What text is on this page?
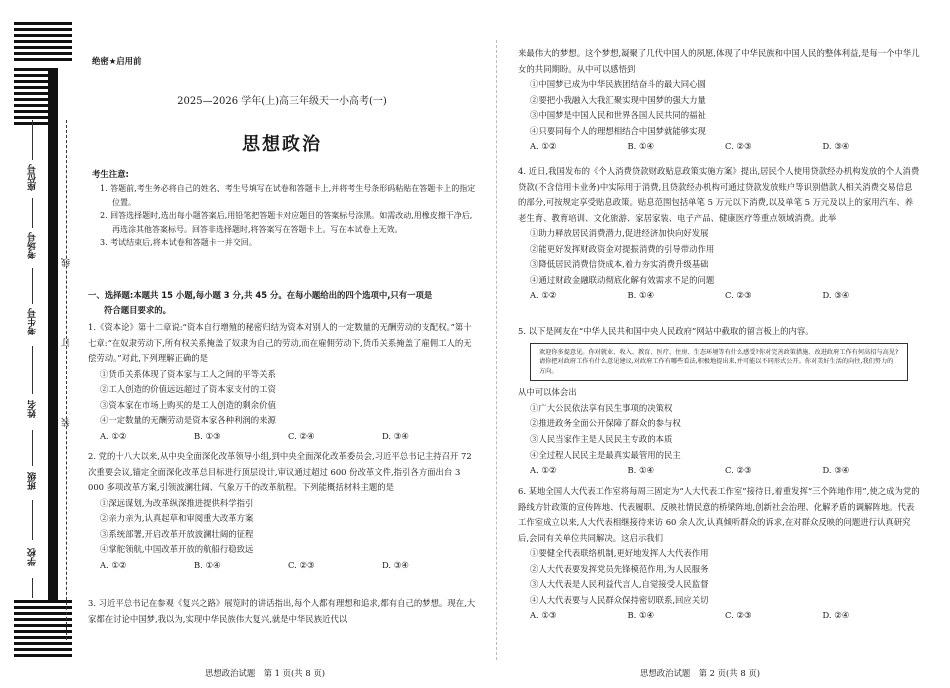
座位号
考场号
考生号
姓名
班级
学校
线
订
装
绝密★启用前
2025—2026 学年(上)高三年级天一小高考(一)
思想政治
考生注意:

1. 答题前,考生务必将自己的姓名、考生号填写在试卷和答题卡上,并将考生号条形码粘贴在答题卡上的指定位置。

2. 回答选择题时,选出每小题答案后,用铅笔把答题卡对应题目的答案标号涂黑。如需改动,用橡皮擦干净后,再选涂其他答案标号。回答非选择题时,将答案写在答题卡上。写在本试卷上无效。

3. 考试结束后,将本试卷和答题卡一并交回。

一、选择题:本题共 15 小题,每小题 3 分,共 45 分。在每小题给出的四个选项中,只有一项是

符合题目要求的。

1.《资本论》第十二章说:“资本自行增殖的秘密归结为资本对别人的一定数量的无酬劳动的支配权。”第十七章:“在奴隶劳动下,所有权关系掩盖了奴隶为自己的劳动,而在雇佣劳动下,货币关系掩盖了雇佣工人的无偿劳动。”对此,下列理解正确的是

①货币关系体现了资本家与工人之间的平等关系

②工人创造的价值远远超过了资本家支付的工资

③资本家在市场上购买的是工人创造的剩余价值

④一定数量的无酬劳动是资本家各种利润的来源

A. ①②	B. ①③	C. ②④	D. ③④

2. 党的十八大以来,从中央全面深化改革领导小组,到中央全面深化改革委员会,习近平总书记主持召开 72 次重要会议,锚定全面深化改革总目标进行顶层设计,审议通过超过 600 份改革文件,指引各方面出台 3 000 多项改革方案,引领波澜壮阔、气象万千的改革航程。下列能概括材料主题的是

①深远谋划,为改革纵深推进提供科学指引

②亲力亲为,认真起草和审阅重大改革方案

③系统部署,开启改革开放波澜壮阔的征程

④掌舵领航,中国改革开放的航船行稳致远

A. ①②	B. ①④	C. ②③	D. ③④

3. 习近平总书记在参观《复兴之路》展览时的讲话指出,每个人都有理想和追求,都有自己的梦想。现在,大家都在讨论中国梦,我以为,实现中华民族伟大复兴,就是中华民族近代以

思想政治试题　第 1 页(共 8 页)

来最伟大的梦想。这个梦想,凝聚了几代中国人的夙愿,体现了中华民族和中国人民的整体利益,是每一个中华儿女的共同期盼。从中可以感悟到

①中国梦已成为中华民族团结奋斗的最大同心圆

②要把小我融入大我汇聚实现中国梦的强大力量

③中国梦是中国人民和世界各国人民共同的福祉

④只要同每个人的理想相结合中国梦就能够实现

A. ①②	B. ①④	C. ②③	D. ③④

4. 近日,我国发布的《个人消费贷款财政贴息政策实施方案》提出,居民个人使用贷款经办机构发放的个人消费贷款(不含信用卡业务)中实际用于消费,且贷款经办机构可通过贷款发放账户等识别借款人相关消费交易信息的部分,可按规定享受贴息政策。贴息范围包括单笔 5 万元以下消费,以及单笔 5 万元及以上的家用汽车、养老生育、教育培训、文化旅游、家居家装、电子产品、健康医疗等重点领域消费。此举

①助力释放居民消费潜力,促进经济加快向好发展

②能更好发挥财政资金对提振消费的引导带动作用

③降低居民消费信贷成本,着力夯实消费升级基础

④通过财政金融联动彻底化解有效需求不足的问题

A. ①②	B. ①④	C. ②③	D. ③④

5. 以下是网友在“中华人民共和国中央人民政府”网站中截取的留言板上的内容。

欢迎你多提意见。你对就业、收入、教育、医疗、住房、生态环境等有什么感受?你对完善政策措施、改进政府工作有何高招与高见?请你把对政府工作有什么意见建议,对政府工作有哪些看法,积极地提出来,并可能以不同形式公开。你对美好生活的向往,我们努力的方向。

从中可以体会出

①广大公民依法享有民生事项的决策权

②推进政务全面公开保障了群众的参与权

③人民当家作主是人民民主专政的本质

④全过程人民民主是最真实最管用的民主

A. ①②	B. ①④	C. ②③	D. ③④

6. 某地全国人大代表工作室将每周三固定为“人大代表工作室”接待日,着重发挥“三个阵地作用”,使之成为党的路线方针政策的宣传阵地、代表履职、反映社情民意的桥梁阵地,创新社会治理、化解矛盾的调解阵地。代表工作室成立以来,人大代表相继接待来访 60 余人次,认真倾听群众的诉求,在对群众反映的问题进行认真研究后,会同有关单位共同解决。这启示我们

①要健全代表联络机制,更好地发挥人大代表作用

②人大代表要发挥党员先锋模范作用,为人民服务

③人大代表是人民利益代言人,自觉接受人民监督

④人大代表要与人民群众保持密切联系,回应关切

A. ①③	B. ①④	C. ②③	D. ②④
思想政治试题　第 2 页(共 8 页)
